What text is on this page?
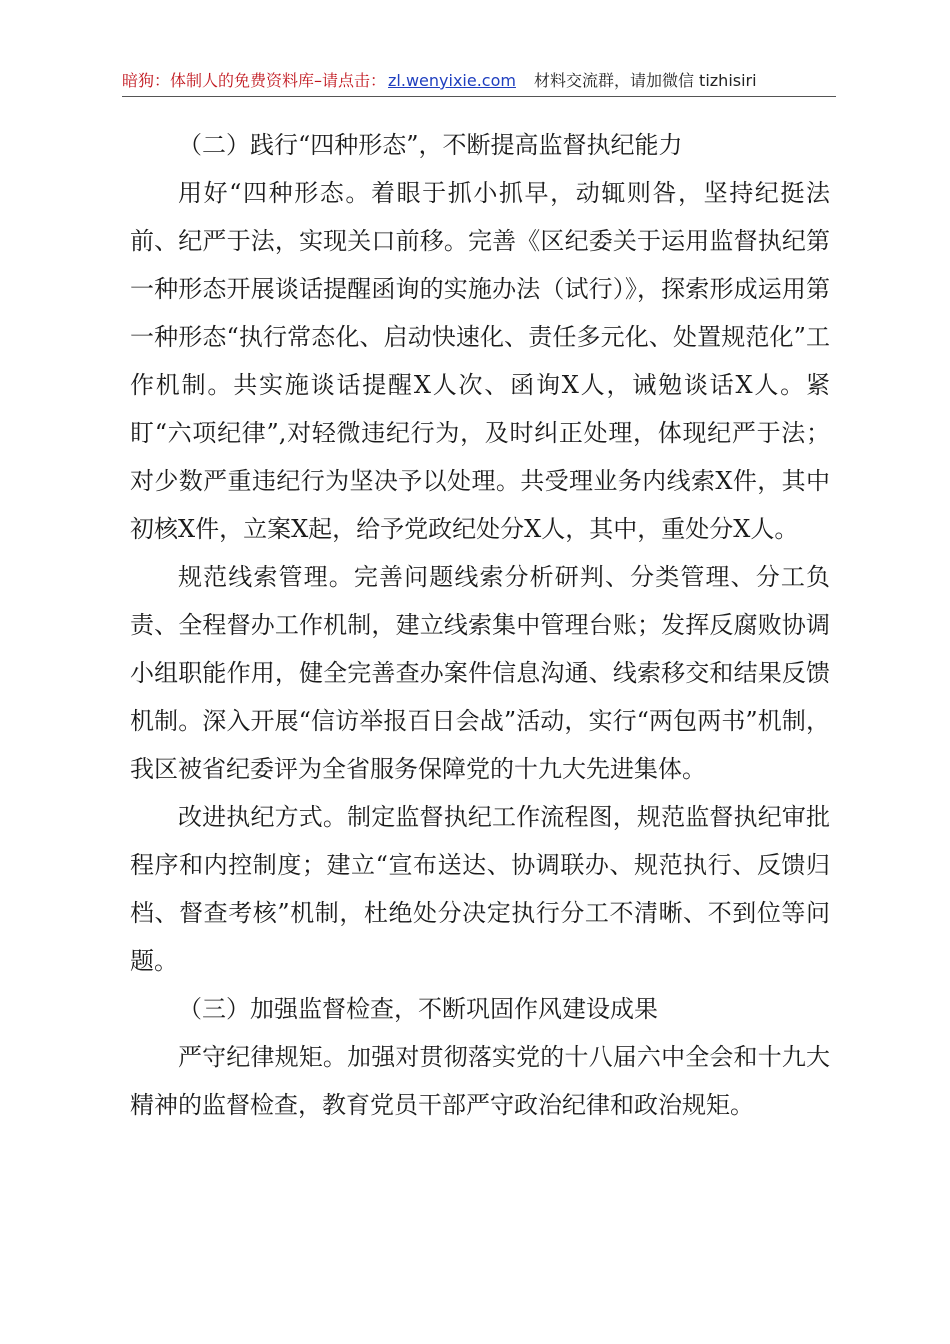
暗狗：体制人的免费资料库–请点击： zl.wenyixie.com 材料交流群，请加微信 tizhisiri

（二）践行“四种形态”，不断提高监督执纪能力

用好“四种形态。着眼于抓小抓早，动辄则咎，坚持纪挺法前、纪严于法，实现关口前移。完善《区纪委关于运用监督执纪第一种形态开展谈话提醒函询的实施办法（试行）》，探索形成运用第一种形态“执行常态化、启动快速化、责任多元化、处置规范化”工作机制。共实施谈话提醒X人次、函询X人，诫勉谈话X人。紧盯“六项纪律”,对轻微违纪行为，及时纠正处理，体现纪严于法；对少数严重违纪行为坚决予以处理。共受理业务内线索X件，其中初核X件，立案X起，给予党政纪处分X人，其中，重处分X人。

规范线索管理。完善问题线索分析研判、分类管理、分工负责、全程督办工作机制，建立线索集中管理台账；发挥反腐败协调小组职能作用，健全完善查办案件信息沟通、线索移交和结果反馈机制。深入开展“信访举报百日会战”活动，实行“两包两书”机制，我区被省纪委评为全省服务保障党的十九大先进集体。

改进执纪方式。制定监督执纪工作流程图，规范监督执纪审批程序和内控制度；建立“宣布送达、协调联办、规范执行、反馈归档、督查考核”机制，杜绝处分决定执行分工不清晰、不到位等问题。

（三）加强监督检查，不断巩固作风建设成果

严守纪律规矩。加强对贯彻落实党的十八届六中全会和十九大精神的监督检查，教育党员干部严守政治纪律和政治规矩。
